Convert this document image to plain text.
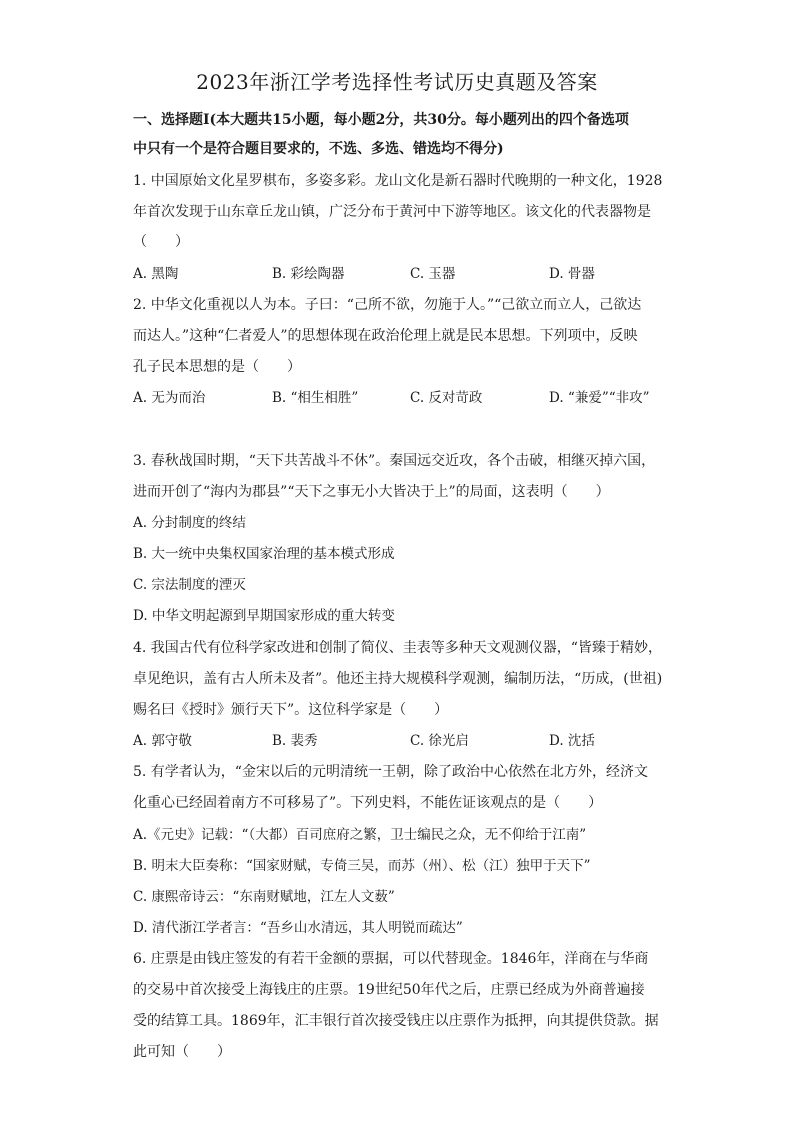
2023年浙江学考选择性考试历史真题及答案
一、选择题Ⅰ(本大题共15小题，每小题2分，共30分。每小题列出的四个备选项
中只有一个是符合题目要求的，不选、多选、错选均不得分)
1. 中国原始文化星罗棋布，多姿多彩。龙山文化是新石器时代晚期的一种文化，1928
年首次发现于山东章丘龙山镇，广泛分布于黄河中下游等地区。该文化的代表器物是
（　　）
A. 黑陶	B. 彩绘陶器	C. 玉器	D. 骨器
2. 中华文化重视以人为本。子曰：“己所不欲，勿施于人。”“己欲立而立人，己欲达
而达人。”这种“仁者爱人”的思想体现在政治伦理上就是民本思想。下列项中，反映
孔子民本思想的是（　　）
A. 无为而治	B. “相生相胜”	C. 反对苛政	D. “兼爱”“非攻”
3. 春秋战国时期，“天下共苦战斗不休”。秦国远交近攻，各个击破，相继灭掉六国，
进而开创了“海内为郡县”“天下之事无小大皆决于上”的局面，这表明（　　）
A. 分封制度的终结
B. 大一统中央集权国家治理的基本模式形成
C. 宗法制度的湮灭
D. 中华文明起源到早期国家形成的重大转变
4. 我国古代有位科学家改进和创制了简仪、圭表等多种天文观测仪器，“皆臻于精妙，
卓见绝识，盖有古人所未及者”。他还主持大规模科学观测，编制历法，“历成，(世祖)
赐名曰《授时》颁行天下”。这位科学家是（　　）
A. 郭守敬	B. 裴秀	C. 徐光启	D. 沈括
5. 有学者认为，“金宋以后的元明清统一王朝，除了政治中心依然在北方外，经济文
化重心已经固着南方不可移易了”。下列史料，不能佐证该观点的是（　　）
A.《元史》记载：“（大都）百司庶府之繁，卫士编民之众，无不仰给于江南”
B. 明末大臣奏称：“国家财赋，专倚三吴，而苏（州）、松（江）独甲于天下”
C. 康熙帝诗云：“东南财赋地，江左人文薮”
D. 清代浙江学者言：“吾乡山水清远，其人明锐而疏达”
6. 庄票是由钱庄签发的有若干金额的票据，可以代替现金。1846年，洋商在与华商
的交易中首次接受上海钱庄的庄票。19世纪50年代之后，庄票已经成为外商普遍接
受的结算工具。1869年，汇丰银行首次接受钱庄以庄票作为抵押，向其提供贷款。据
此可知（　　）
